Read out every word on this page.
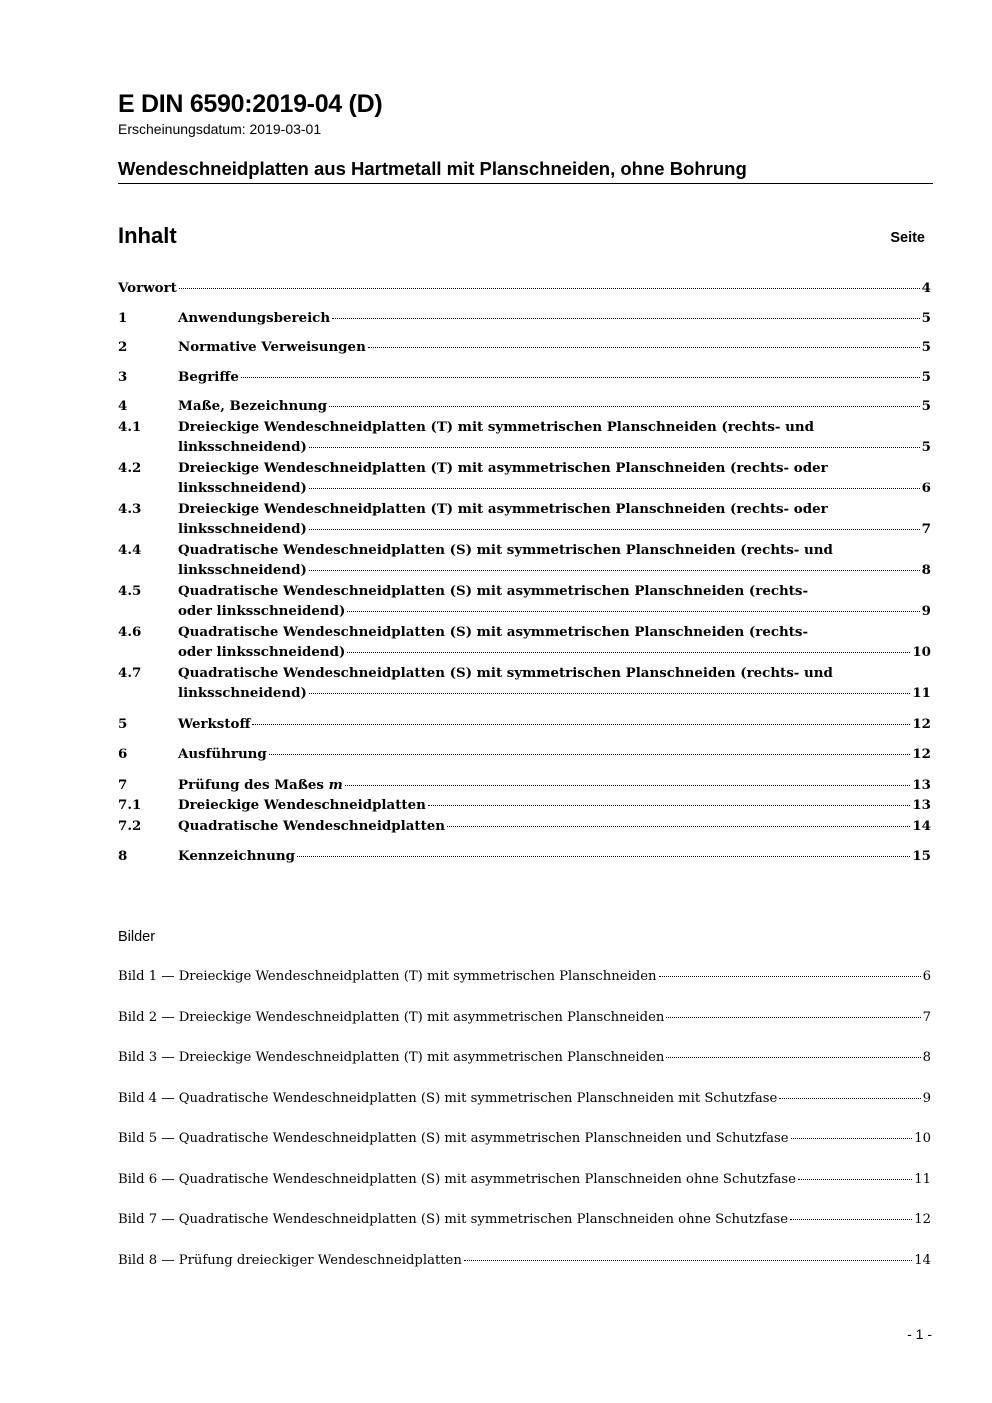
E DIN 6590:2019-04 (D)
Erscheinungsdatum: 2019-03-01
Wendeschneidplatten aus Hartmetall mit Planschneiden, ohne Bohrung
Inhalt	Seite
Vorwort	4
1	Anwendungsbereich	5
2	Normative Verweisungen	5
3	Begriffe	5
4	Maße, Bezeichnung	5
4.1	Dreieckige Wendeschneidplatten (T) mit symmetrischen Planschneiden (rechts- und
linksschneidend)	5
4.2	Dreieckige Wendeschneidplatten (T) mit asymmetrischen Planschneiden (rechts- oder
linksschneidend)	6
4.3	Dreieckige Wendeschneidplatten (T) mit asymmetrischen Planschneiden (rechts- oder
linksschneidend)	7
4.4	Quadratische Wendeschneidplatten (S) mit symmetrischen Planschneiden (rechts- und
linksschneidend)	8
4.5	Quadratische Wendeschneidplatten (S) mit asymmetrischen Planschneiden (rechts-
oder linksschneidend)	9
4.6	Quadratische Wendeschneidplatten (S) mit asymmetrischen Planschneiden (rechts-
oder linksschneidend)	10
4.7	Quadratische Wendeschneidplatten (S) mit symmetrischen Planschneiden (rechts- und
linksschneidend)	11
5	Werkstoff	12
6	Ausführung	12
7	Prüfung des Maßes m	13
7.1	Dreieckige Wendeschneidplatten	13
7.2	Quadratische Wendeschneidplatten	14
8	Kennzeichnung	15
Bilder
Bild 1 — Dreieckige Wendeschneidplatten (T) mit symmetrischen Planschneiden	6
Bild 2 — Dreieckige Wendeschneidplatten (T) mit asymmetrischen Planschneiden	7
Bild 3 — Dreieckige Wendeschneidplatten (T) mit asymmetrischen Planschneiden	8
Bild 4 — Quadratische Wendeschneidplatten (S) mit symmetrischen Planschneiden mit Schutzfase	9
Bild 5 — Quadratische Wendeschneidplatten (S) mit asymmetrischen Planschneiden und Schutzfase	10
Bild 6 — Quadratische Wendeschneidplatten (S) mit asymmetrischen Planschneiden ohne Schutzfase	11
Bild 7 — Quadratische Wendeschneidplatten (S) mit symmetrischen Planschneiden ohne Schutzfase	12
Bild 8 — Prüfung dreieckiger Wendeschneidplatten	14
- 1 -
